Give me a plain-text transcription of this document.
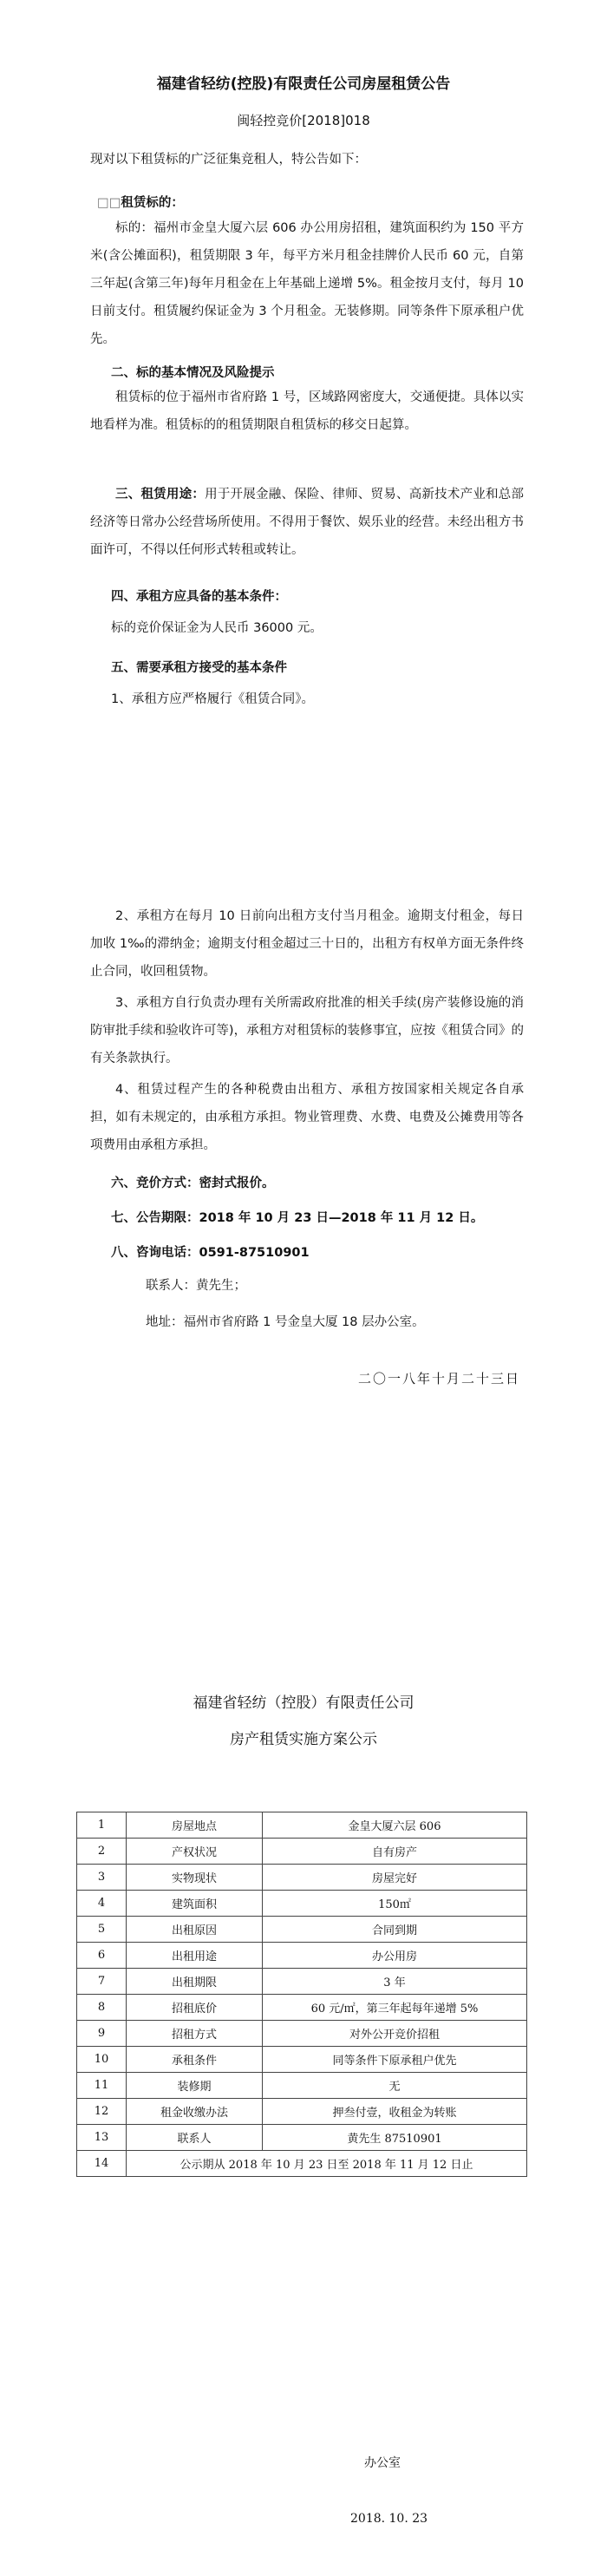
福建省轻纺(控股)有限责任公司房屋租赁公告
闽轻控竞价[2018]018
现对以下租赁标的广泛征集竞租人，特公告如下：
□□租赁标的：
标的：福州市金皇大厦六层 606 办公用房招租，建筑面积约为 150 平方米(含公摊面积)，租赁期限 3 年，每平方米月租金挂牌价人民币 60 元，自第三年起(含第三年)每年月租金在上年基础上递增 5%。租金按月支付，每月 10 日前支付。租赁履约保证金为 3 个月租金。无装修期。同等条件下原承租户优先。
二、标的基本情况及风险提示
租赁标的位于福州市省府路 1 号，区域路网密度大，交通便捷。具体以实地看样为准。租赁标的的租赁期限自租赁标的移交日起算。
三、租赁用途：用于开展金融、保险、律师、贸易、高新技术产业和总部经济等日常办公经营场所使用。不得用于餐饮、娱乐业的经营。未经出租方书面许可，不得以任何形式转租或转让。
四、承租方应具备的基本条件：
标的竞价保证金为人民币 36000 元。
五、需要承租方接受的基本条件
1、承租方应严格履行《租赁合同》。
2、承租方在每月 10 日前向出租方支付当月租金。逾期支付租金，每日加收 1‰的滞纳金；逾期支付租金超过三十日的，出租方有权单方面无条件终止合同，收回租赁物。
3、承租方自行负责办理有关所需政府批准的相关手续(房产装修设施的消防审批手续和验收许可等)，承租方对租赁标的装修事宜，应按《租赁合同》的有关条款执行。
4、租赁过程产生的各种税费由出租方、承租方按国家相关规定各自承担，如有未规定的，由承租方承担。物业管理费、水费、电费及公摊费用等各项费用由承租方承担。
六、竞价方式：密封式报价。
七、公告期限：2018 年 10 月 23 日—2018 年 11 月 12 日。
八、咨询电话：0591-87510901
联系人：黄先生；
地址：福州市省府路 1 号金皇大厦 18 层办公室。
二〇一八年十月二十三日
福建省轻纺（控股）有限责任公司
房产租赁实施方案公示
1	房屋地点	金皇大厦六层 606
2	产权状况	自有房产
3	实物现状	房屋完好
4	建筑面积	150㎡
5	出租原因	合同到期
6	出租用途	办公用房
7	出租期限	3 年
8	招租底价	60 元/㎡，第三年起每年递增 5%
9	招租方式	对外公开竞价招租
10	承租条件	同等条件下原承租户优先
11	装修期	无
12	租金收缴办法	押叁付壹，收租金为转账
13	联系人	黄先生 87510901
14	公示期从 2018 年 10 月 23 日至 2018 年 11 月 12 日止	
办公室
2018. 10. 23
